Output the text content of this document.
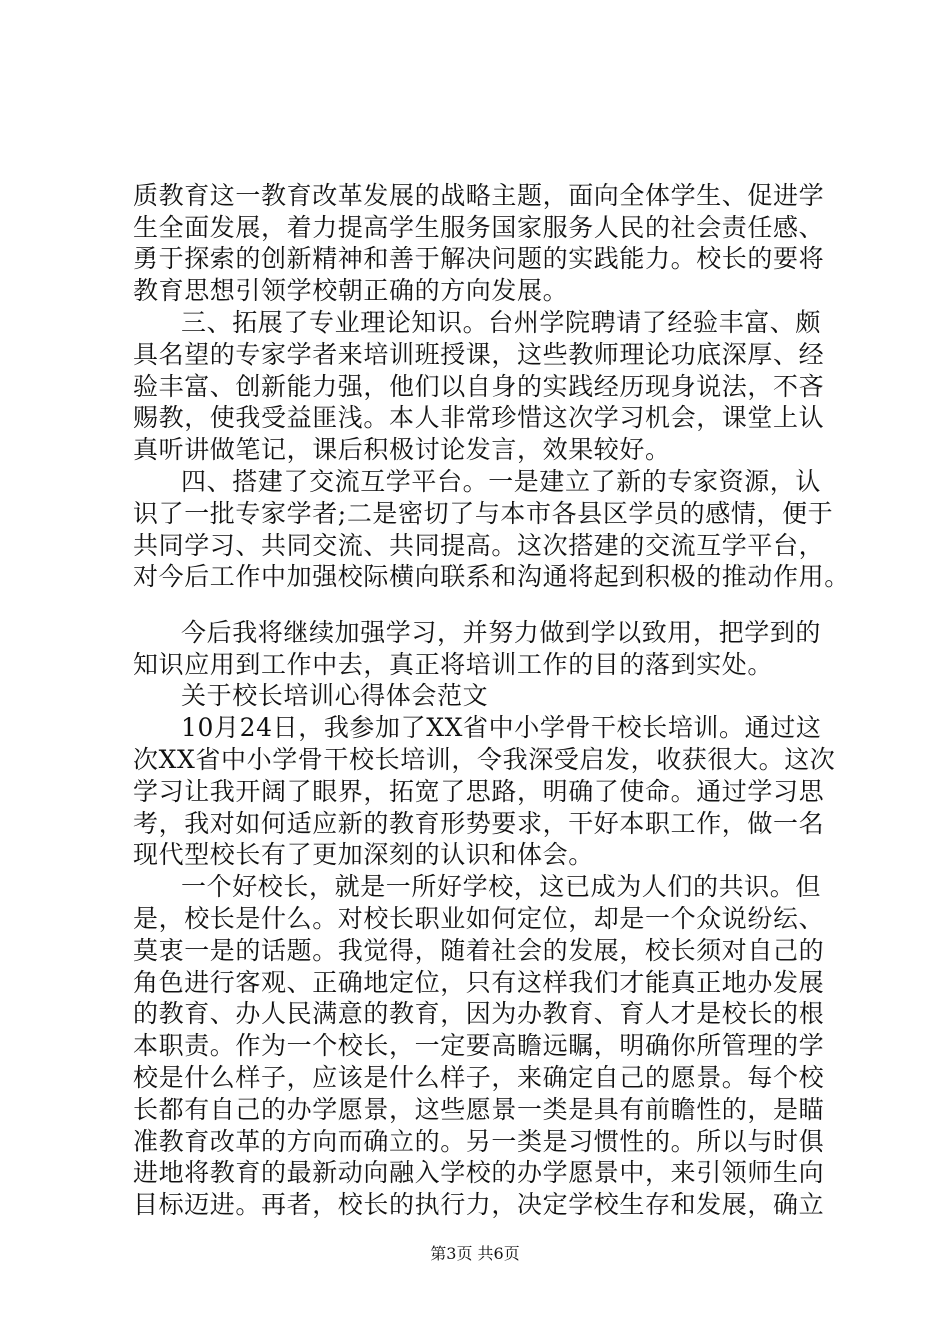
质教育这一教育改革发展的战略主题，面向全体学生、促进学
生全面发展，着力提高学生服务国家服务人民的社会责任感、
勇于探索的创新精神和善于解决问题的实践能力。校长的要将
教育思想引领学校朝正确的方向发展。
三、拓展了专业理论知识。台州学院聘请了经验丰富、颇
具名望的专家学者来培训班授课，这些教师理论功底深厚、经
验丰富、创新能力强，他们以自身的实践经历现身说法，不吝
赐教，使我受益匪浅。本人非常珍惜这次学习机会，课堂上认
真听讲做笔记，课后积极讨论发言，效果较好。
四、搭建了交流互学平台。一是建立了新的专家资源，认
识了一批专家学者;二是密切了与本市各县区学员的感情，便于
共同学习、共同交流、共同提高。这次搭建的交流互学平台，
对今后工作中加强校际横向联系和沟通将起到积极的推动作用。
今后我将继续加强学习，并努力做到学以致用，把学到的
知识应用到工作中去，真正将培训工作的目的落到实处。
关于校长培训心得体会范文
10月24日，我参加了XX省中小学骨干校长培训。通过这
次XX省中小学骨干校长培训，令我深受启发，收获很大。这次
学习让我开阔了眼界，拓宽了思路，明确了使命。通过学习思
考，我对如何适应新的教育形势要求，干好本职工作，做一名
现代型校长有了更加深刻的认识和体会。
一个好校长，就是一所好学校，这已成为人们的共识。但
是，校长是什么。对校长职业如何定位，却是一个众说纷纭、
莫衷一是的话题。我觉得，随着社会的发展，校长须对自己的
角色进行客观、正确地定位，只有这样我们才能真正地办发展
的教育、办人民满意的教育，因为办教育、育人才是校长的根
本职责。作为一个校长，一定要高瞻远瞩，明确你所管理的学
校是什么样子，应该是什么样子，来确定自己的愿景。每个校
长都有自己的办学愿景，这些愿景一类是具有前瞻性的，是瞄
准教育改革的方向而确立的。另一类是习惯性的。所以与时俱
进地将教育的最新动向融入学校的办学愿景中，来引领师生向
目标迈进。再者，校长的执行力，决定学校生存和发展，确立
第3页 共6页
